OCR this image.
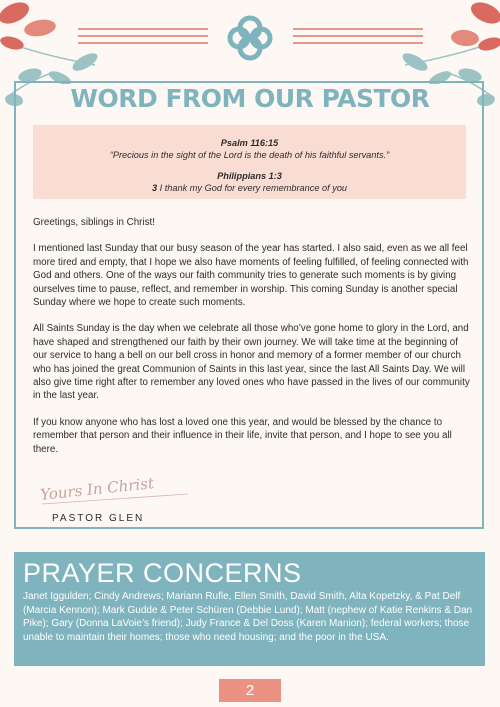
WORD FROM OUR PASTOR
Psalm 116:15
“Precious in the sight of the Lord is the death of his faithful servants.”
Philippians 1:3
3 I thank my God for every remembrance of you

Greetings, siblings in Christ!

I mentioned last Sunday that our busy season of the year has started. I also said, even as we all feel more tired and empty, that I hope we also have moments of feeling fulfilled, of feeling connected with God and others. One of the ways our faith community tries to generate such moments is by giving ourselves time to pause, reflect, and remember in worship. This coming Sunday is another special Sunday where we hope to create such moments.

All Saints Sunday is the day when we celebrate all those who’ve gone home to glory in the Lord, and have shaped and strengthened our faith by their own journey. We will take time at the beginning of our service to hang a bell on our bell cross in honor and memory of a former member of our church who has joined the great Communion of Saints in this last year, since the last All Saints Day. We will also give time right after to remember any loved ones who have passed in the lives of our community in the last year.

If you know anyone who has lost a loved one this year, and would be blessed by the chance to remember that person and their influence in their life, invite that person, and I hope to see you all there.

Yours In Christ
PASTOR GLEN
PRAYER CONCERNS
Janet Iggulden; Cindy Andrews; Mariann Rufle, Ellen Smith, David Smith, Alta Kopetzky, & Pat Delf (Marcia Kennon); Mark Gudde & Peter Schüren (Debbie Lund); Matt (nephew of Katie Renkins & Dan Pike); Gary (Donna LaVoie’s friend); Judy France & Del Doss (Karen Manion); federal workers; those unable to maintain their homes; those who need housing; and the poor in the USA.
2
